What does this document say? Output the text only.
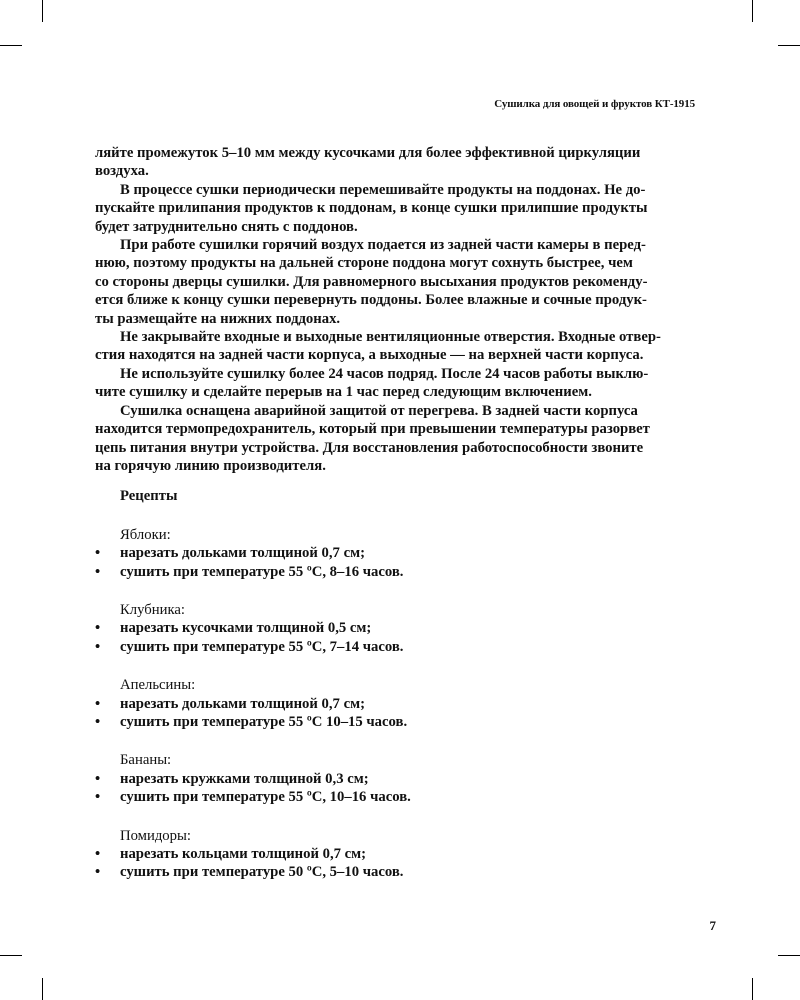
Сушилка для овощей и фруктов КТ-1915
ляйте промежуток 5–10 мм между кусочками для более эффективной циркуляции
воздуха.
В процессе сушки периодически перемешивайте продукты на поддонах. Не до-
пускайте прилипания продуктов к поддонам, в конце сушки прилипшие продукты
будет затруднительно снять с поддонов.
При работе сушилки горячий воздух подается из задней части камеры в перед-
нюю, поэтому продукты на дальней стороне поддона могут сохнуть быстрее, чем
со стороны дверцы сушилки. Для равномерного высыхания продуктов рекоменду-
ется ближе к концу сушки перевернуть поддоны. Более влажные и сочные продук-
ты размещайте на нижних поддонах.
Не закрывайте входные и выходные вентиляционные отверстия. Входные отвер-
стия находятся на задней части корпуса, а выходные — на верхней части корпуса.
Не используйте сушилку более 24 часов подряд. После 24 часов работы выклю-
чите сушилку и сделайте перерыв на 1 час перед следующим включением.
Сушилка оснащена аварийной защитой от перегрева. В задней части корпуса
находится термопредохранитель, который при превышении температуры разорвет
цепь питания внутри устройства. Для восстановления работоспособности звоните
на горячую линию производителя.
Рецепты
Яблоки:
•	нарезать дольками толщиной 0,7 см;
•	сушить при температуре 55 ºC, 8–16 часов.
Клубника:
•	нарезать кусочками толщиной 0,5 см;
•	сушить при температуре 55 ºC, 7–14 часов.
Апельсины:
•	нарезать дольками толщиной 0,7 см;
•	сушить при температуре 55 ºC 10–15 часов.
Бананы:
•	нарезать кружками толщиной 0,3 см;
•	сушить при температуре 55 ºC, 10–16 часов.
Помидоры:
•	нарезать кольцами толщиной 0,7 см;
•	сушить при температуре 50 ºC, 5–10 часов.
7
